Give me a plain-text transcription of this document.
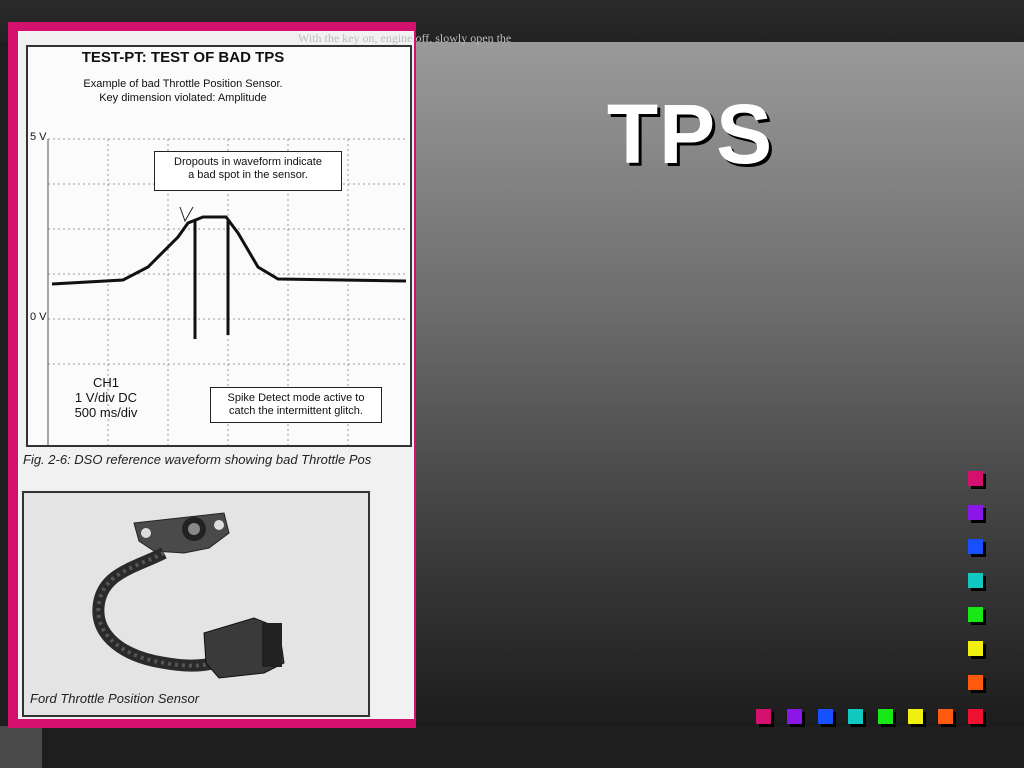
TPS
With the key on, engine off, slowly open the
TEST-PT: TEST OF BAD TPS
Example of bad Throttle Position Sensor.
Key dimension violated: Amplitude
Dropouts in waveform indicate
a bad spot in the sensor.
5 V
0 V
CH1
1 V/div DC
500 ms/div
Spike Detect mode active to
catch the intermittent glitch.
Fig. 2-6: DSO reference waveform showing bad Throttle Pos
Ford Throttle Position Sensor
